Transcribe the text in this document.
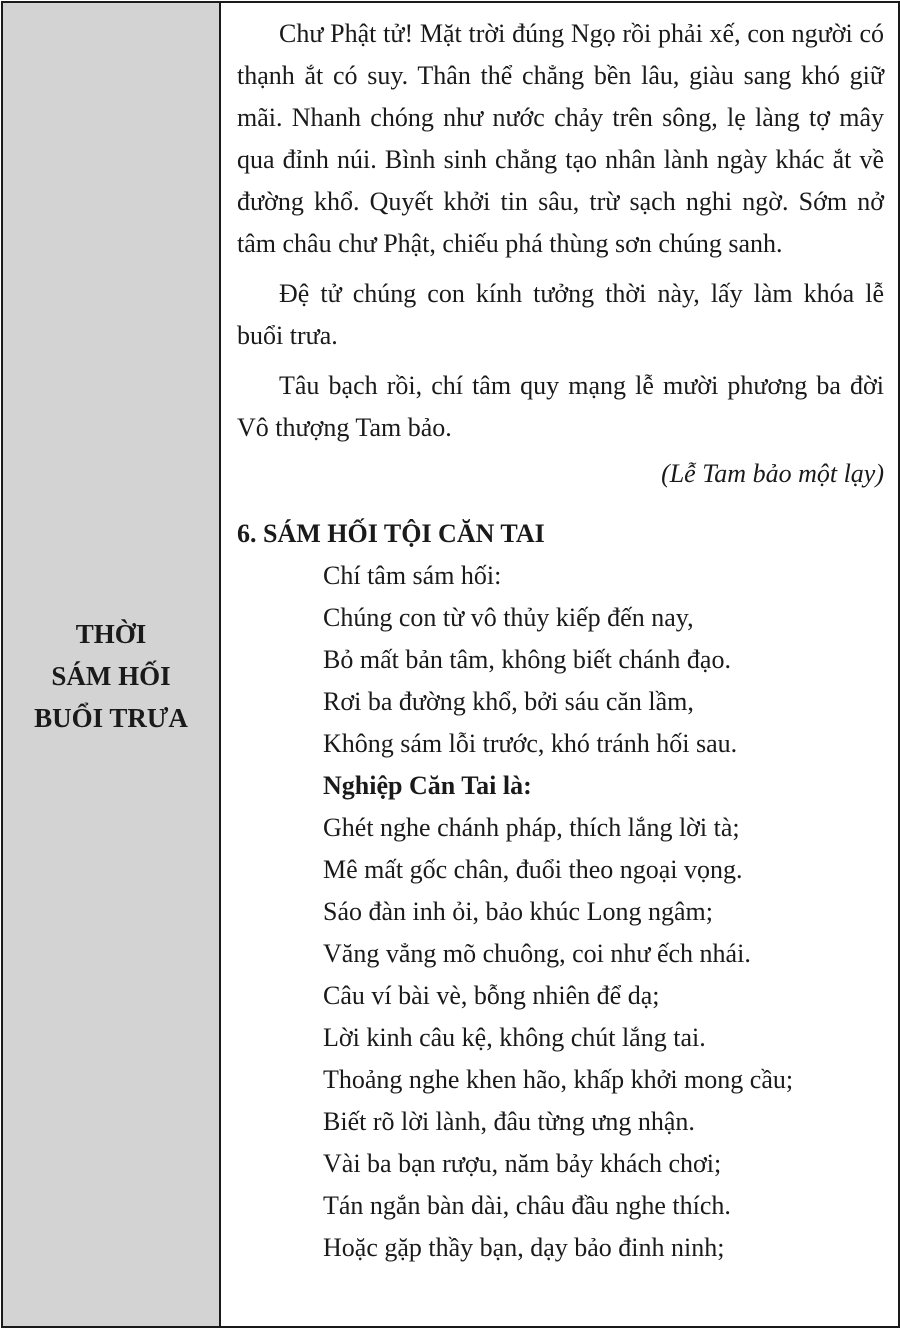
THỜI
SÁM HỐI
BUỔI TRƯA

Chư Phật tử! Mặt trời đúng Ngọ rồi phải xế, con người có thạnh ắt có suy. Thân thể chẳng bền lâu, giàu sang khó giữ mãi. Nhanh chóng như nước chảy trên sông, lẹ làng tợ mây qua đỉnh núi. Bình sinh chẳng tạo nhân lành ngày khác ắt về đường khổ. Quyết khởi tin sâu, trừ sạch nghi ngờ. Sớm nở tâm châu chư Phật, chiếu phá thùng sơn chúng sanh.

Đệ tử chúng con kính tưởng thời này, lấy làm khóa lễ buổi trưa.

Tâu bạch rồi, chí tâm quy mạng lễ mười phương ba đời Vô thượng Tam bảo.

(Lễ Tam bảo một lạy)

6. SÁM HỐI TỘI CĂN TAI

Chí tâm sám hối:
Chúng con từ vô thủy kiếp đến nay,
Bỏ mất bản tâm, không biết chánh đạo.
Rơi ba đường khổ, bởi sáu căn lầm,
Không sám lỗi trước, khó tránh hối sau.
Nghiệp Căn Tai là:
Ghét nghe chánh pháp, thích lắng lời tà;
Mê mất gốc chân, đuổi theo ngoại vọng.
Sáo đàn inh ỏi, bảo khúc Long ngâm;
Văng vẳng mõ chuông, coi như ếch nhái.
Câu ví bài vè, bỗng nhiên để dạ;
Lời kinh câu kệ, không chút lắng tai.
Thoảng nghe khen hão, khấp khởi mong cầu;
Biết rõ lời lành, đâu từng ưng nhận.
Vài ba bạn rượu, năm bảy khách chơi;
Tán ngắn bàn dài, châu đầu nghe thích.
Hoặc gặp thầy bạn, dạy bảo đinh ninh;
